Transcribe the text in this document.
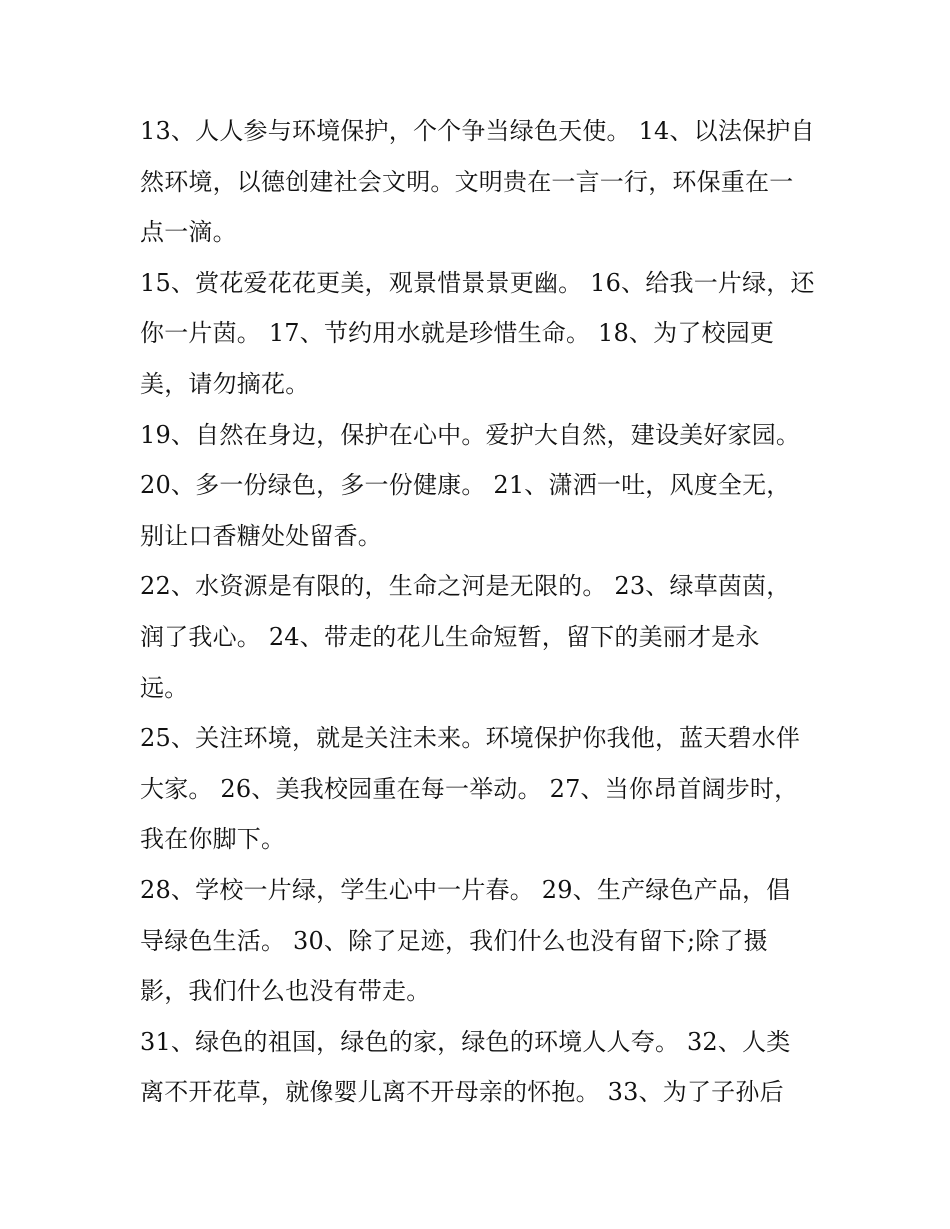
13、人人参与环境保护，个个争当绿色天使。 14、以法保护自
然环境，以德创建社会文明。文明贵在一言一行，环保重在一
点一滴。
15、赏花爱花花更美，观景惜景景更幽。 16、给我一片绿，还
你一片茵。 17、节约用水就是珍惜生命。 18、为了校园更
美，请勿摘花。
19、自然在身边，保护在心中。爱护大自然，建设美好家园。
20、多一份绿色，多一份健康。 21、潇洒一吐，风度全无，
别让口香糖处处留香。
22、水资源是有限的，生命之河是无限的。 23、绿草茵茵，
润了我心。 24、带走的花儿生命短暂，留下的美丽才是永
远。
25、关注环境，就是关注未来。环境保护你我他，蓝天碧水伴
大家。 26、美我校园重在每一举动。 27、当你昂首阔步时，
我在你脚下。
28、学校一片绿，学生心中一片春。 29、生产绿色产品，倡
导绿色生活。 30、除了足迹，我们什么也没有留下;除了摄
影，我们什么也没有带走。
31、绿色的祖国，绿色的家，绿色的环境人人夸。 32、人类
离不开花草，就像婴儿离不开母亲的怀抱。 33、为了子孙后
